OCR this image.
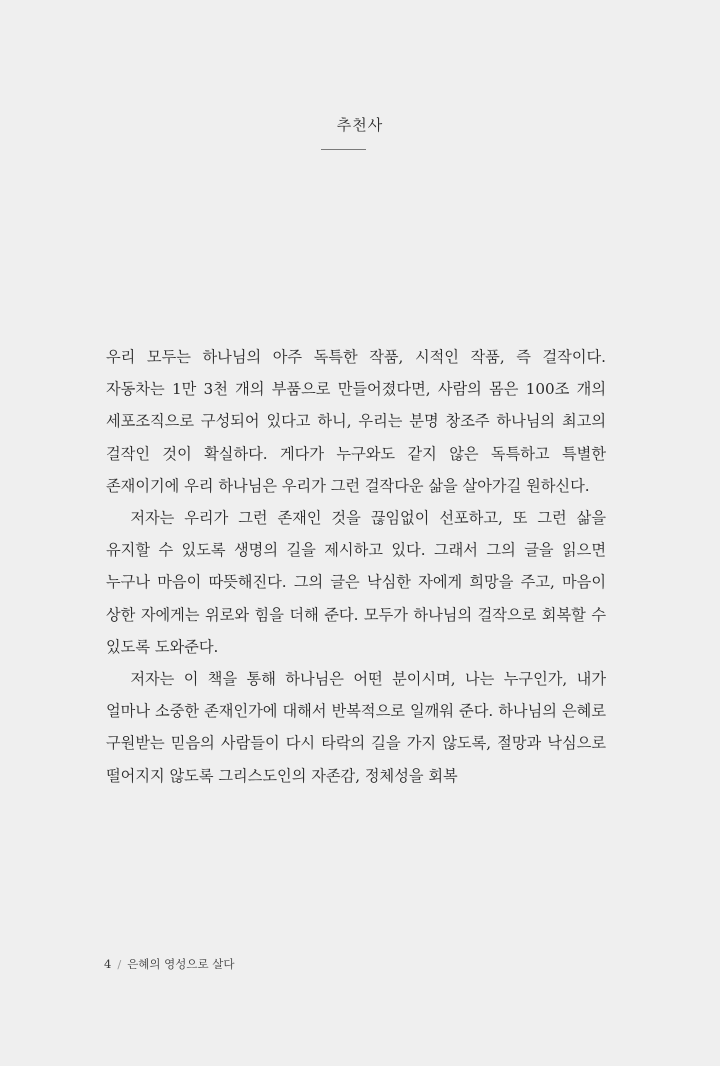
추천사

우리 모두는 하나님의 아주 독특한 작품, 시적인 작품, 즉 걸작이다. 자동차는 1만 3천 개의 부품으로 만들어졌다면, 사람의 몸은 100조 개의 세포조직으로 구성되어 있다고 하니, 우리는 분명 창조주 하나님의 최고의 걸작인 것이 확실하다. 게다가 누구와도 같지 않은 독특하고 특별한 존재이기에 우리 하나님은 우리가 그런 걸작다운 삶을 살아가길 원하신다.

저자는 우리가 그런 존재인 것을 끊임없이 선포하고, 또 그런 삶을 유지할 수 있도록 생명의 길을 제시하고 있다. 그래서 그의 글을 읽으면 누구나 마음이 따뜻해진다. 그의 글은 낙심한 자에게 희망을 주고, 마음이 상한 자에게는 위로와 힘을 더해 준다. 모두가 하나님의 걸작으로 회복할 수 있도록 도와준다.

저자는 이 책을 통해 하나님은 어떤 분이시며, 나는 누구인가, 내가 얼마나 소중한 존재인가에 대해서 반복적으로 일깨워 준다. 하나님의 은혜로 구원받는 믿음의 사람들이 다시 타락의 길을 가지 않도록, 절망과 낙심으로 떨어지지 않도록 그리스도인의 자존감, 정체성을 회복

4 / 은혜의 영성으로 살다
